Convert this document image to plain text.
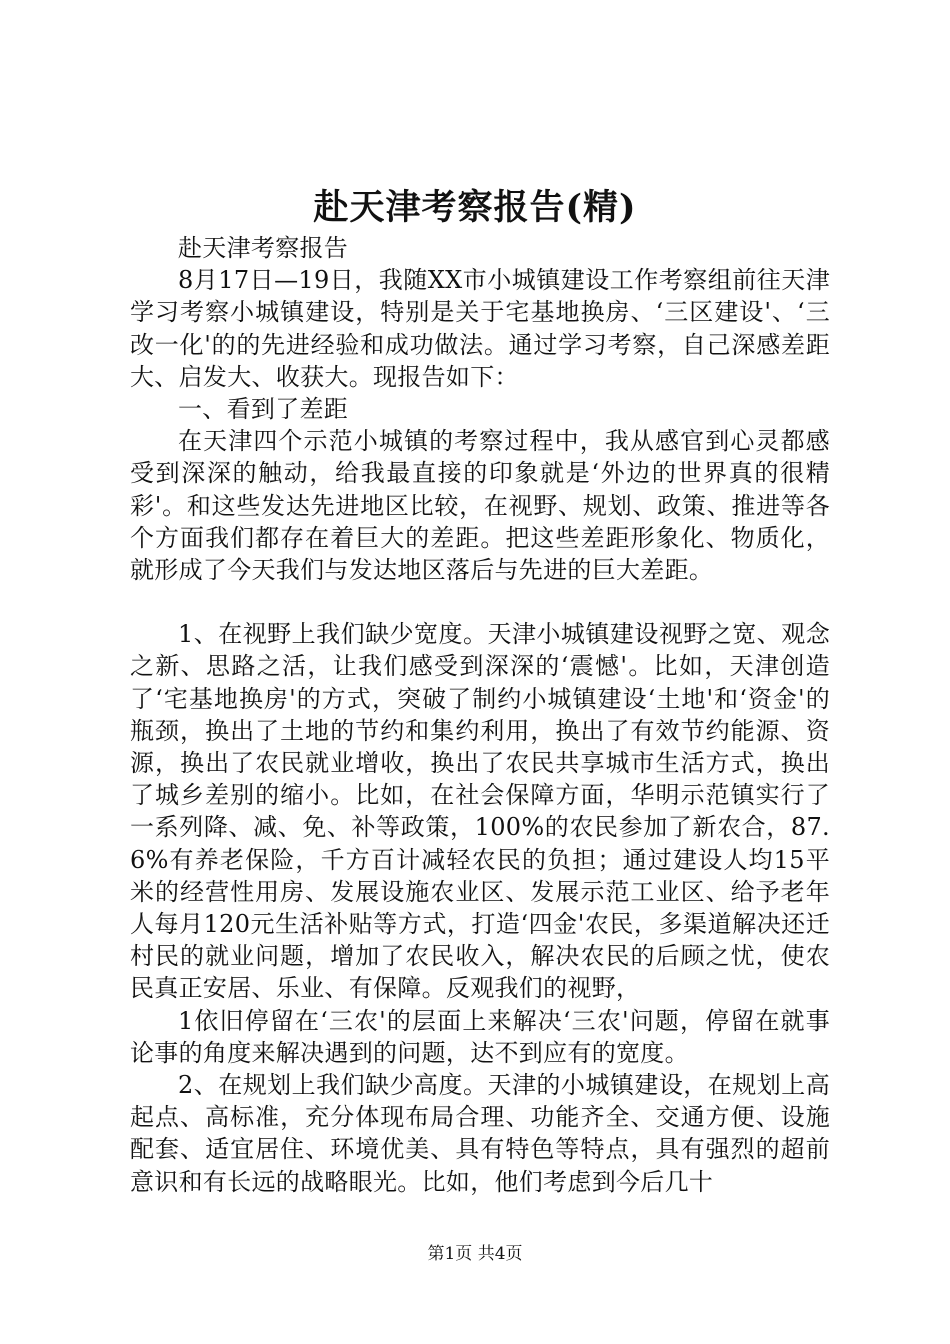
赴天津考察报告(精)

赴天津考察报告

8月17日—19日，我随XX市小城镇建设工作考察组前往天津学习考察小城镇建设，特别是关于宅基地换房、‘三区建设'、‘三改一化'的的先进经验和成功做法。通过学习考察，自己深感差距大、启发大、收获大。现报告如下：

一、看到了差距

在天津四个示范小城镇的考察过程中，我从感官到心灵都感受到深深的触动，给我最直接的印象就是‘外边的世界真的很精彩'。和这些发达先进地区比较，在视野、规划、政策、推进等各个方面我们都存在着巨大的差距。把这些差距形象化、物质化，就形成了今天我们与发达地区落后与先进的巨大差距。

1、在视野上我们缺少宽度。天津小城镇建设视野之宽、观念之新、思路之活，让我们感受到深深的‘震憾'。比如，天津创造了‘宅基地换房'的方式，突破了制约小城镇建设‘土地'和‘资金'的瓶颈，换出了土地的节约和集约利用，换出了有效节约能源、资源，换出了农民就业增收，换出了农民共享城市生活方式，换出了城乡差别的缩小。比如，在社会保障方面，华明示范镇实行了一系列降、减、免、补等政策，100%的农民参加了新农合，87.6%有养老保险，千方百计减轻农民的负担；通过建设人均15平米的经营性用房、发展设施农业区、发展示范工业区、给予老年人每月120元生活补贴等方式，打造‘四金'农民，多渠道解决还迁村民的就业问题，增加了农民收入，解决农民的后顾之忧，使农民真正安居、乐业、有保障。反观我们的视野，

1依旧停留在‘三农'的层面上来解决‘三农'问题，停留在就事论事的角度来解决遇到的问题，达不到应有的宽度。

2、在规划上我们缺少高度。天津的小城镇建设，在规划上高起点、高标准，充分体现布局合理、功能齐全、交通方便、设施配套、适宜居住、环境优美、具有特色等特点，具有强烈的超前意识和有长远的战略眼光。比如，他们考虑到今后几十

第1页 共4页
